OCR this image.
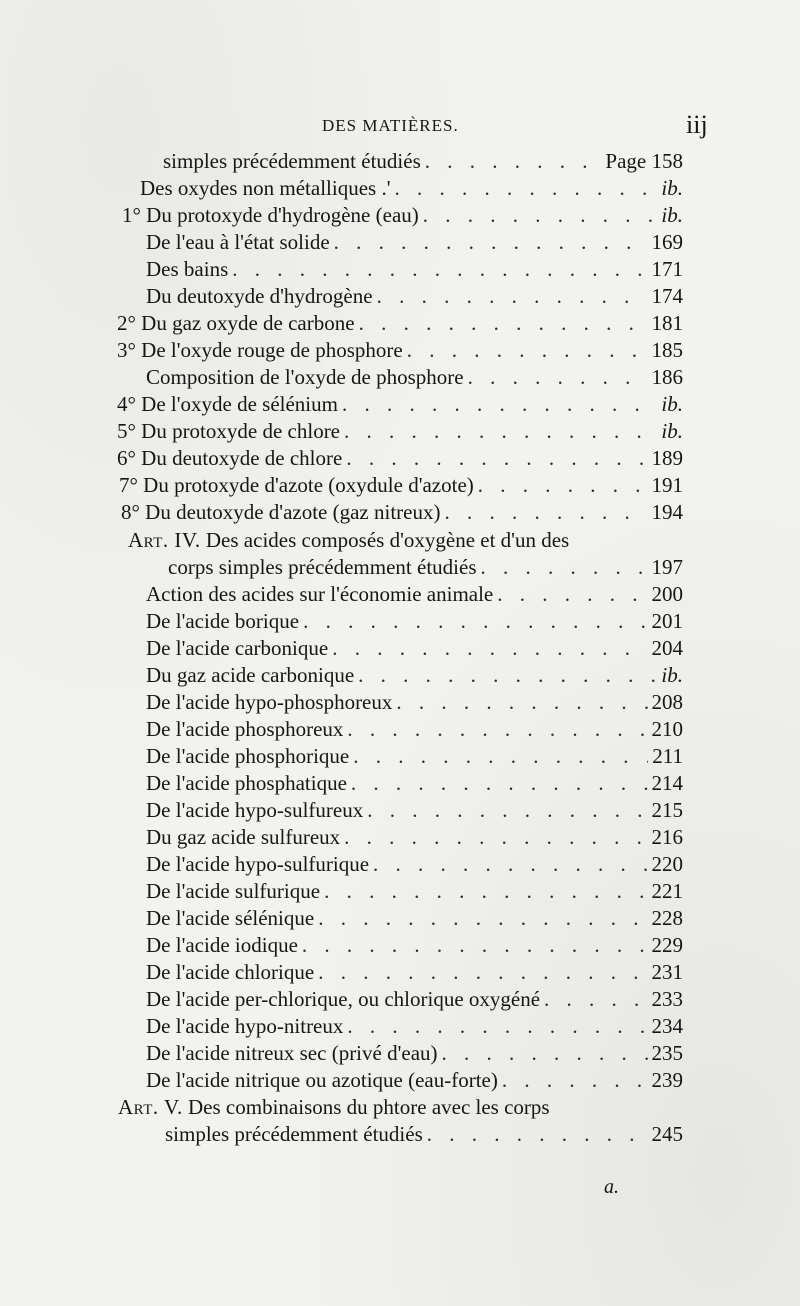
DES MATIÈRES.	iij
simples précédemment étudiés . . .	Page 158
Des oxydes non métalliques .' . . .	ib.
1° Du protoxyde d'hydrogène (eau) . . .	ib.
De l'eau à l'état solide . . .	169
Des bains . . .	171
Du deutoxyde d'hydrogène . . .	174
2° Du gaz oxyde de carbone . . .	181
3° De l'oxyde rouge de phosphore . . .	185
Composition de l'oxyde de phosphore . . .	186
4° De l'oxyde de sélénium . . .	ib.
5° Du protoxyde de chlore . . .	ib.
6° Du deutoxyde de chlore . . .	189
7° Du protoxyde d'azote (oxydule d'azote) . . .	191
8° Du deutoxyde d'azote (gaz nitreux) . . .	194
Art. IV. Des acides composés d'oxygène et d'un des
corps simples précédemment étudiés . . .	197
Action des acides sur l'économie animale . . .	200
De l'acide borique . . .	201
De l'acide carbonique . . .	204
Du gaz acide carbonique . . .	ib.
De l'acide hypo-phosphoreux . . .	208
De l'acide phosphoreux . . .	210
De l'acide phosphorique . . .	211
De l'acide phosphatique . . .	214
De l'acide hypo-sulfureux . . .	215
Du gaz acide sulfureux . . .	216
De l'acide hypo-sulfurique . . .	220
De l'acide sulfurique . . .	221
De l'acide sélénique . . .	228
De l'acide iodique . . .	229
De l'acide chlorique . . .	231
De l'acide per-chlorique, ou chlorique oxygéné . . .	233
De l'acide hypo-nitreux . . .	234
De l'acide nitreux sec (privé d'eau) . . .	235
De l'acide nitrique ou azotique (eau-forte) . . .	239
Art. V. Des combinaisons du phtore avec les corps
simples précédemment étudiés . . .	245
a.
